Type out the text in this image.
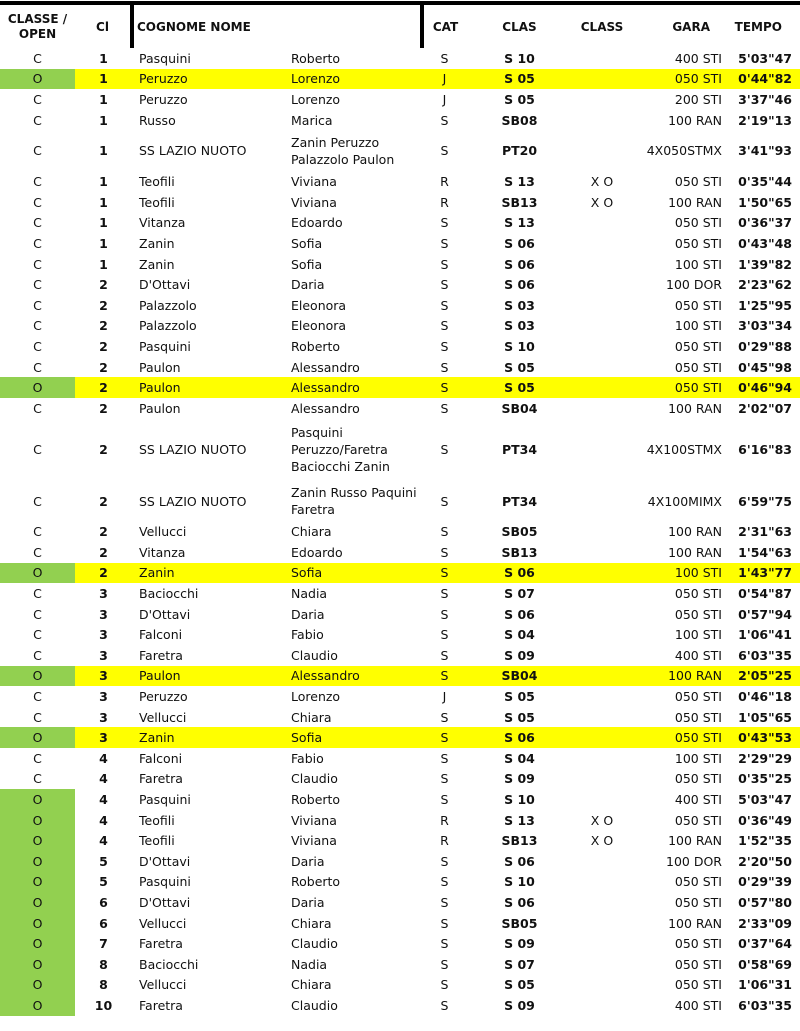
CLASSE /
OPEN	Cl	COGNOME NOME		CAT	CLAS	CLASS	GARA	TEMPO
C	1	Pasquini	Roberto	S	S 10		400 STI	5'03"47
O	1	Peruzzo	Lorenzo	J	S 05		050 STI	0'44"82
C	1	Peruzzo	Lorenzo	J	S 05		200 STI	3'37"46
C	1	Russo	Marica	S	SB08		100 RAN	2'19"13
C	1	SS LAZIO NUOTO	Zanin Peruzzo Palazzolo Paulon	S	PT20		4X050STMX	3'41"93
C	1	Teofili	Viviana	R	S 13	X O	050 STI	0'35"44
C	1	Teofili	Viviana	R	SB13	X O	100 RAN	1'50"65
C	1	Vitanza	Edoardo	S	S 13		050 STI	0'36"37
C	1	Zanin	Sofia	S	S 06		050 STI	0'43"48
C	1	Zanin	Sofia	S	S 06		100 STI	1'39"82
C	2	D'Ottavi	Daria	S	S 06		100 DOR	2'23"62
C	2	Palazzolo	Eleonora	S	S 03		050 STI	1'25"95
C	2	Palazzolo	Eleonora	S	S 03		100 STI	3'03"34
C	2	Pasquini	Roberto	S	S 10		050 STI	0'29"88
C	2	Paulon	Alessandro	S	S 05		050 STI	0'45"98
O	2	Paulon	Alessandro	S	S 05		050 STI	0'46"94
C	2	Paulon	Alessandro	S	SB04		100 RAN	2'02"07
C	2	SS LAZIO NUOTO	Pasquini Peruzzo/Faretra Baciocchi Zanin	S	PT34		4X100STMX	6'16"83
C	2	SS LAZIO NUOTO	Zanin Russo Paquini Faretra	S	PT34		4X100MIMX	6'59"75
C	2	Vellucci	Chiara	S	SB05		100 RAN	2'31"63
C	2	Vitanza	Edoardo	S	SB13		100 RAN	1'54"63
O	2	Zanin	Sofia	S	S 06		100 STI	1'43"77
C	3	Baciocchi	Nadia	S	S 07		050 STI	0'54"87
C	3	D'Ottavi	Daria	S	S 06		050 STI	0'57"94
C	3	Falconi	Fabio	S	S 04		100 STI	1'06"41
C	3	Faretra	Claudio	S	S 09		400 STI	6'03"35
O	3	Paulon	Alessandro	S	SB04		100 RAN	2'05"25
C	3	Peruzzo	Lorenzo	J	S 05		050 STI	0'46"18
C	3	Vellucci	Chiara	S	S 05		050 STI	1'05"65
O	3	Zanin	Sofia	S	S 06		050 STI	0'43"53
C	4	Falconi	Fabio	S	S 04		100 STI	2'29"29
C	4	Faretra	Claudio	S	S 09		050 STI	0'35"25
O	4	Pasquini	Roberto	S	S 10		400 STI	5'03"47
O	4	Teofili	Viviana	R	S 13	X O	050 STI	0'36"49
O	4	Teofili	Viviana	R	SB13	X O	100 RAN	1'52"35
O	5	D'Ottavi	Daria	S	S 06		100 DOR	2'20"50
O	5	Pasquini	Roberto	S	S 10		050 STI	0'29"39
O	6	D'Ottavi	Daria	S	S 06		050 STI	0'57"80
O	6	Vellucci	Chiara	S	SB05		100 RAN	2'33"09
O	7	Faretra	Claudio	S	S 09		050 STI	0'37"64
O	8	Baciocchi	Nadia	S	S 07		050 STI	0'58"69
O	8	Vellucci	Chiara	S	S 05		050 STI	1'06"31
O	10	Faretra	Claudio	S	S 09		400 STI	6'03"35
